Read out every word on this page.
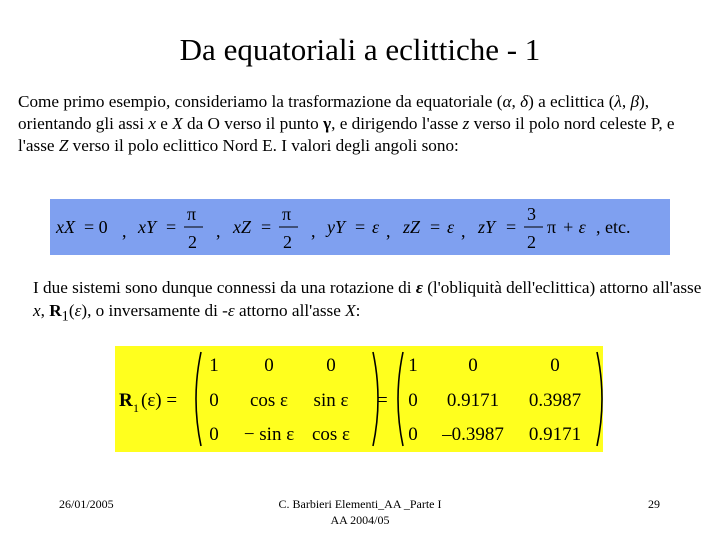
Da equatoriali a eclittiche - 1
Come primo esempio, consideriamo la trasformazione da equatoriale (α, δ) a eclittica (λ, β), orientando gli assi x e X da O verso il punto γ, e dirigendo l'asse z verso il polo nord celeste P, e l'asse Z verso il polo eclittico Nord E. I valori degli angoli sono:
xX = 0 , xY =
π
2
, xZ =
π
2
, yY = ε , zZ = ε , zY =
3
2
π + ε , etc.
I due sistemi sono dunque connessi da una rotazione di ε (l'obliquità dell'eclittica) attorno all'asse x, $R_1(\varepsilon)$, o inversamente di -ε attorno all'asse X:
R 1 (ε) =	=
1 0	0
0 cos ε sin ε
0 − sin ε cos ε
1	0	0
0 0.9171 0.3987
0 –0.3987 0.9171
26/01/2005	C. Barbieri Elementi_AA _Parte I
AA 2004/05
29
